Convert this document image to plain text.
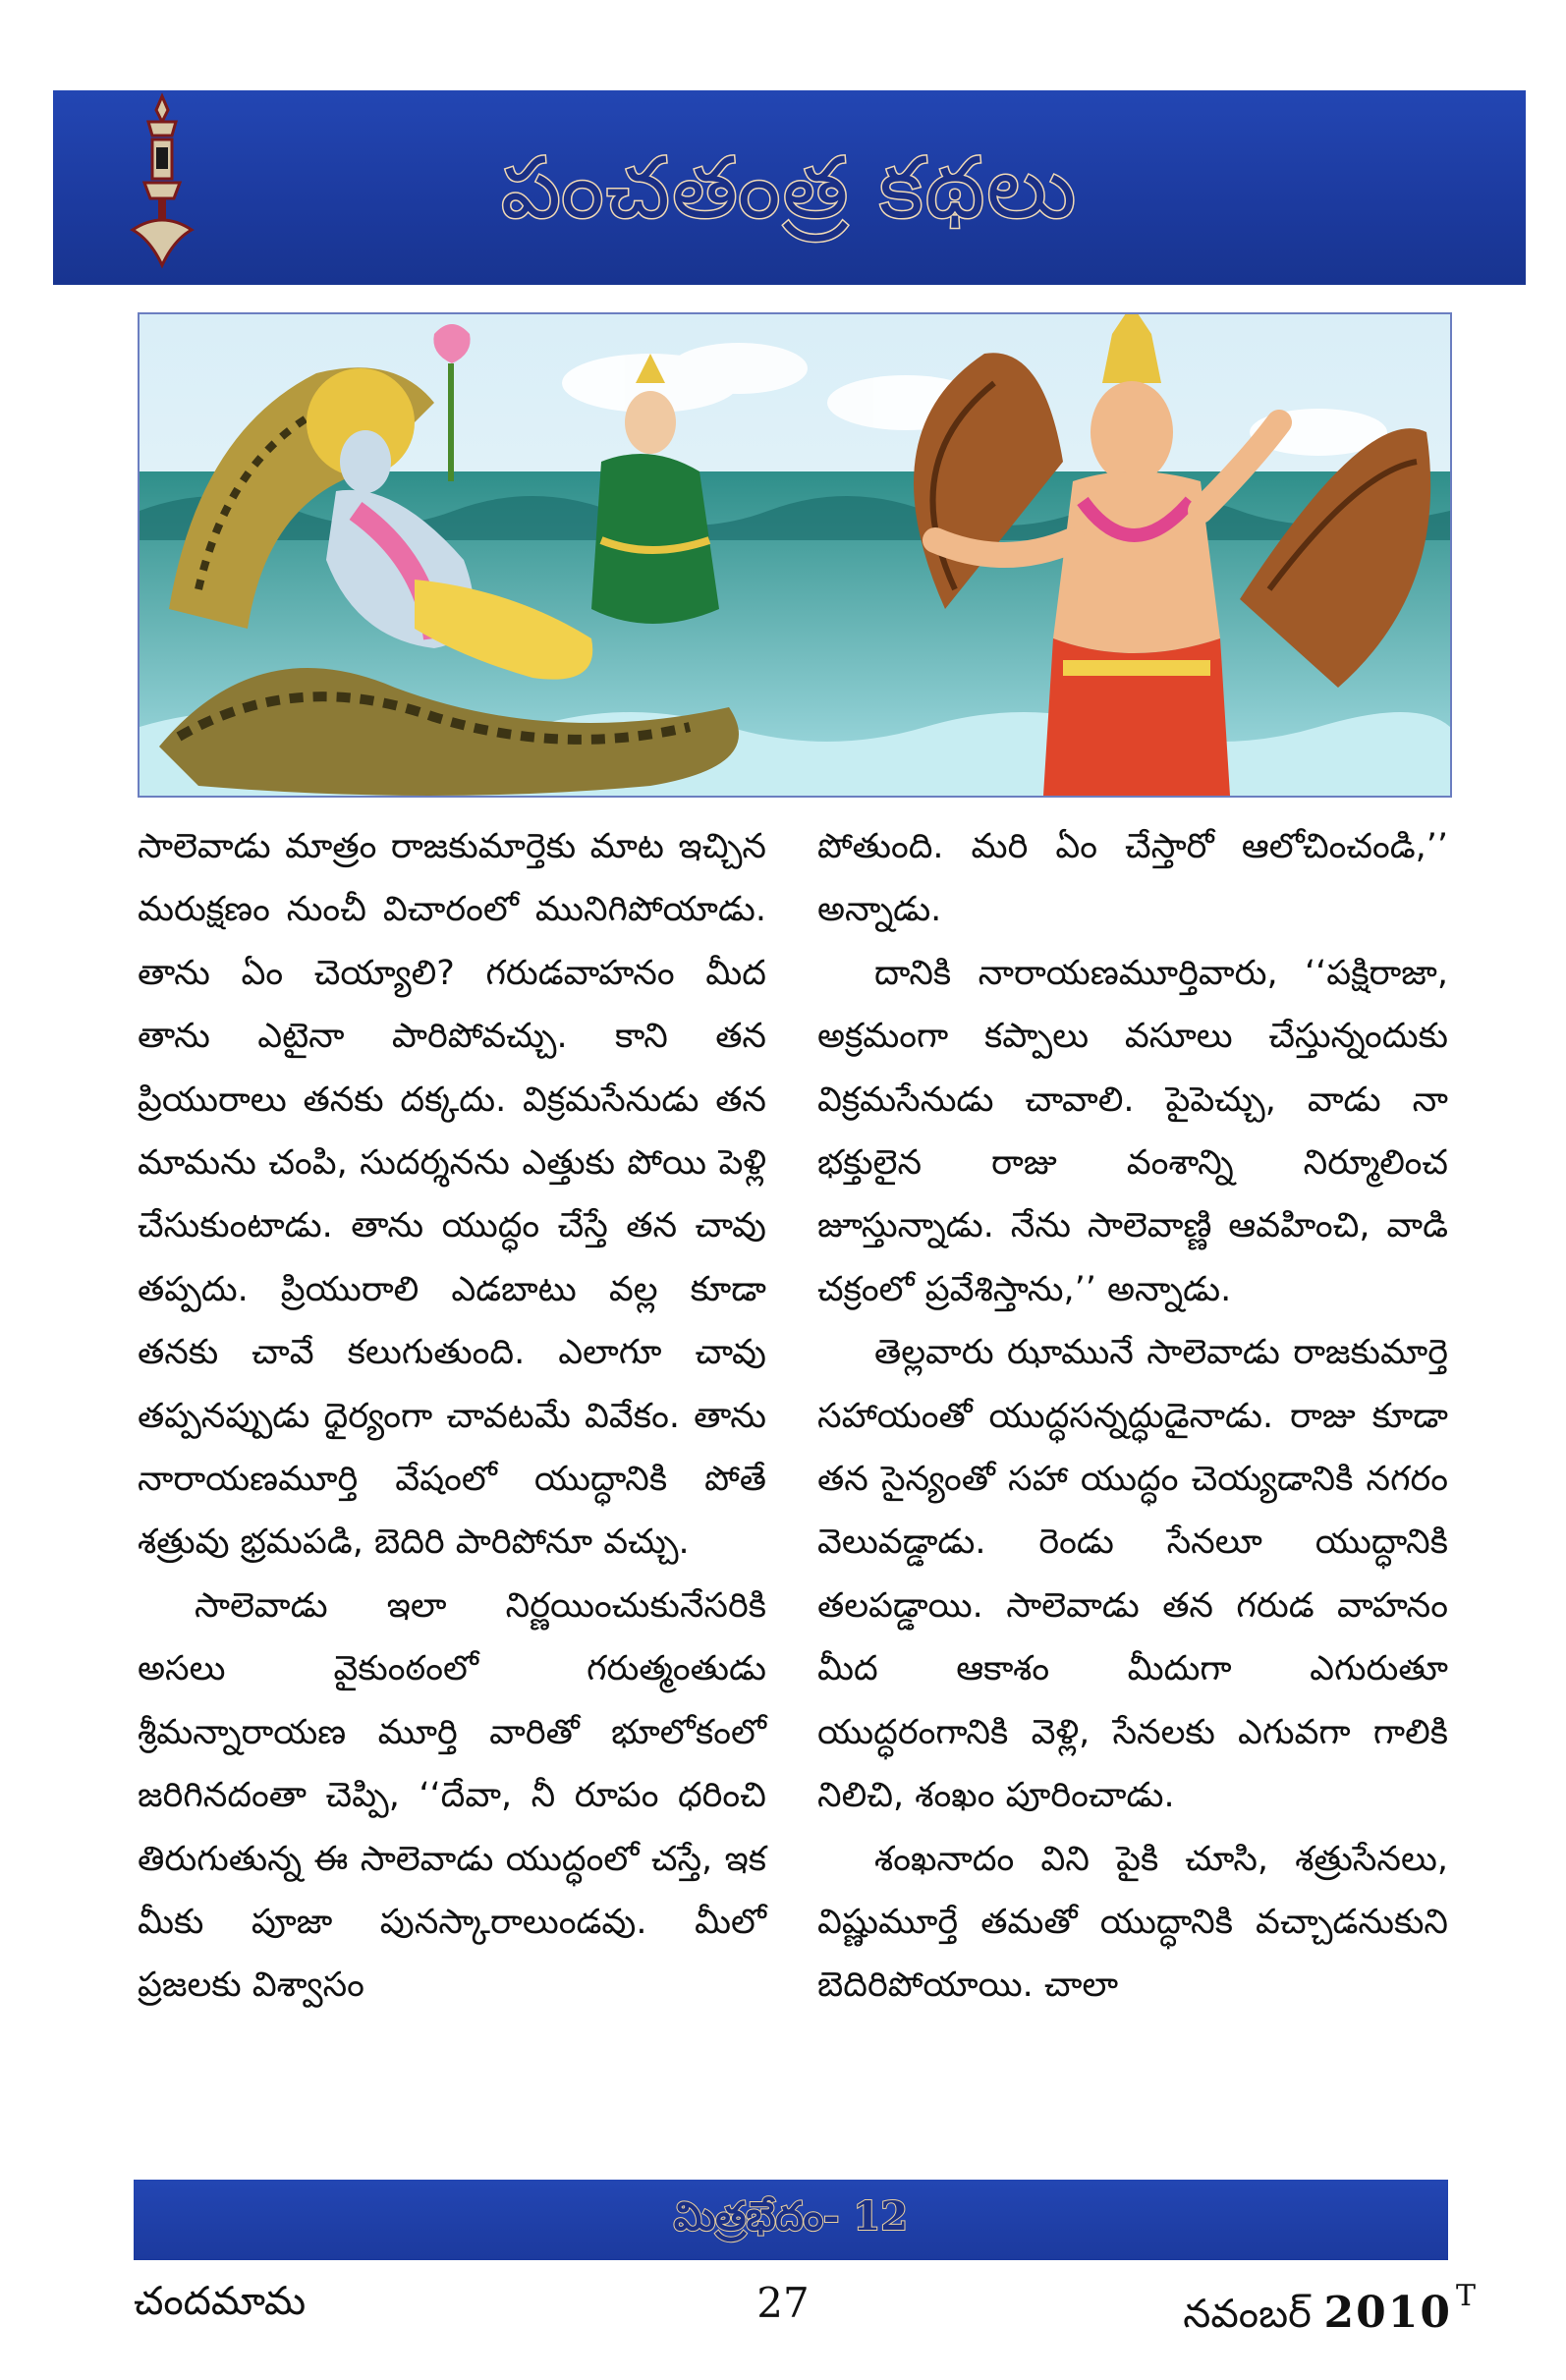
పంచతంత్ర కథలు

సాలెవాడు మాత్రం రాజకుమార్తెకు మాట ఇచ్చిన మరుక్షణం నుంచీ విచారంలో మునిగిపోయాడు. తాను ఏం చెయ్యాలి? గరుడవాహనం మీద తాను ఎటైనా పారిపోవచ్చు. కాని తన ప్రియురాలు తనకు దక్కదు. విక్రమసేనుడు తన మామను చంపి, సుదర్శనను ఎత్తుకు పోయి పెళ్లి చేసుకుంటాడు. తాను యుద్ధం చేస్తే తన చావు తప్పదు. ప్రియురాలి ఎడబాటు వల్ల కూడా తనకు చావే కలుగుతుంది. ఎలాగూ చావు తప్పనప్పుడు ధైర్యంగా చావటమే వివేకం. తాను నారాయణమూర్తి వేషంలో యుద్ధానికి పోతే శత్రువు భ్రమపడి, బెదిరి పారిపోనూ వచ్చు.

సాలెవాడు ఇలా నిర్ణయించుకునేసరికి అసలు వైకుంఠంలో గరుత్మంతుడు శ్రీమన్నారాయణ మూర్తి వారితో భూలోకంలో జరిగినదంతా చెప్పి, ‘‘దేవా, నీ రూపం ధరించి తిరుగుతున్న ఈ సాలెవాడు యుద్ధంలో చస్తే, ఇక మీకు పూజా పునస్కారాలుండవు. మీలో ప్రజలకు విశ్వాసం

పోతుంది. మరి ఏం చేస్తారో ఆలోచించండి,’’ అన్నాడు.

దానికి నారాయణమూర్తివారు, ‘‘పక్షిరాజా, అక్రమంగా కప్పాలు వసూలు చేస్తున్నందుకు విక్రమసేనుడు చావాలి. పైపెచ్చు, వాడు నా భక్తులైన రాజు వంశాన్ని నిర్మూలించ జూస్తున్నాడు. నేను సాలెవాణ్ణి ఆవహించి, వాడి చక్రంలో ప్రవేశిస్తాను,’’ అన్నాడు.

తెల్లవారు ఝామునే సాలెవాడు రాజకుమార్తె సహాయంతో యుద్ధసన్నద్ధుడైనాడు. రాజు కూడా తన సైన్యంతో సహా యుద్ధం చెయ్యడానికి నగరం వెలువడ్డాడు. రెండు సేనలూ యుద్ధానికి తలపడ్డాయి. సాలెవాడు తన గరుడ వాహనం మీద ఆకాశం మీదుగా ఎగురుతూ యుద్ధరంగానికి వెళ్లి, సేనలకు ఎగువగా గాలికి నిలిచి, శంఖం పూరించాడు.

శంఖనాదం విని పైకి చూసి, శత్రుసేనలు, విష్ణుమూర్తే తమతో యుద్ధానికి వచ్చాడనుకుని బెదిరిపోయాయి. చాలా

మిత్రభేదం- 12
చందమామ	27	నవంబర్ 2010 $^T$
